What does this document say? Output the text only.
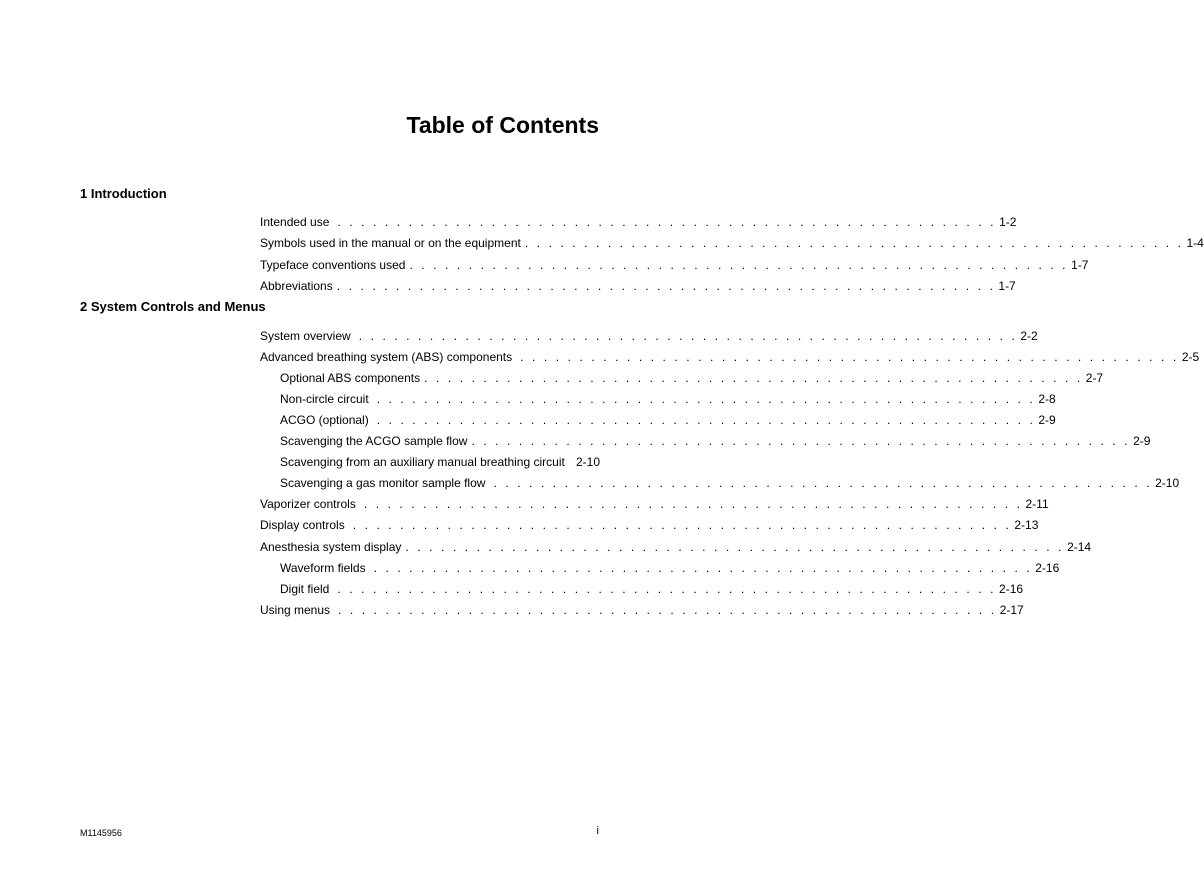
Table of Contents
1 Introduction
Intended use . . . . . . . . . . . . . . . . . . . . . . . . . . . . . . . . . . . . . . . . . . . . . . . . . . . . . . . . 1-2
Symbols used in the manual or on the equipment . . . . . . . . . . . . . . . . . . . . . . . . . . . . . . . . . . . . . . . . . . . . . . . . . . . . . . . . 1-4
Typeface conventions used . . . . . . . . . . . . . . . . . . . . . . . . . . . . . . . . . . . . . . . . . . . . . . . . . . . . . . . . 1-7
Abbreviations . . . . . . . . . . . . . . . . . . . . . . . . . . . . . . . . . . . . . . . . . . . . . . . . . . . . . . . . 1-7
2 System Controls and Menus
System overview . . . . . . . . . . . . . . . . . . . . . . . . . . . . . . . . . . . . . . . . . . . . . . . . . . . . . . . . 2-2
Advanced breathing system (ABS) components . . . . . . . . . . . . . . . . . . . . . . . . . . . . . . . . . . . . . . . . . . . . . . . . . . . . . . . . 2-5
Optional ABS components . . . . . . . . . . . . . . . . . . . . . . . . . . . . . . . . . . . . . . . . . . . . . . . . . . . . . . . . 2-7
Non-circle circuit . . . . . . . . . . . . . . . . . . . . . . . . . . . . . . . . . . . . . . . . . . . . . . . . . . . . . . . . 2-8
ACGO (optional) . . . . . . . . . . . . . . . . . . . . . . . . . . . . . . . . . . . . . . . . . . . . . . . . . . . . . . . . 2-9
Scavenging the ACGO sample flow . . . . . . . . . . . . . . . . . . . . . . . . . . . . . . . . . . . . . . . . . . . . . . . . . . . . . . . . 2-9
Scavenging from an auxiliary manual breathing circuit 2-10
Scavenging a gas monitor sample flow . . . . . . . . . . . . . . . . . . . . . . . . . . . . . . . . . . . . . . . . . . . . . . . . . . . . . . . . 2-10
Vaporizer controls . . . . . . . . . . . . . . . . . . . . . . . . . . . . . . . . . . . . . . . . . . . . . . . . . . . . . . . . 2-11
Display controls . . . . . . . . . . . . . . . . . . . . . . . . . . . . . . . . . . . . . . . . . . . . . . . . . . . . . . . . 2-13
Anesthesia system display . . . . . . . . . . . . . . . . . . . . . . . . . . . . . . . . . . . . . . . . . . . . . . . . . . . . . . . . 2-14
Waveform fields . . . . . . . . . . . . . . . . . . . . . . . . . . . . . . . . . . . . . . . . . . . . . . . . . . . . . . . . 2-16
Digit field . . . . . . . . . . . . . . . . . . . . . . . . . . . . . . . . . . . . . . . . . . . . . . . . . . . . . . . . 2-16
Using menus . . . . . . . . . . . . . . . . . . . . . . . . . . . . . . . . . . . . . . . . . . . . . . . . . . . . . . . . 2-17
M1145956	i
